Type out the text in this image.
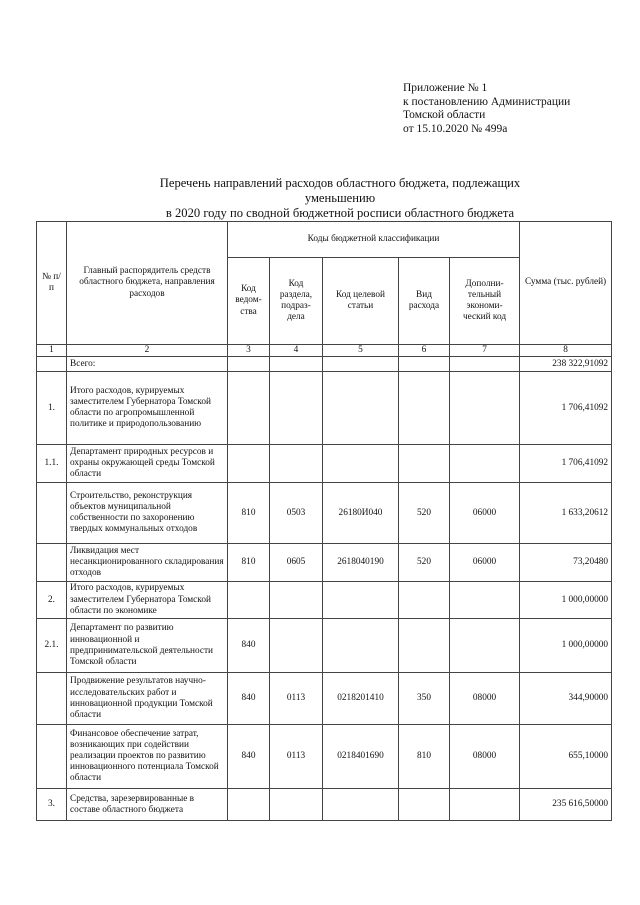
Приложение № 1
к постановлению Администрации
Томской области
от 15.10.2020 № 499а
Перечень направлений расходов областного бюджета, подлежащих уменьшению
в 2020 году по сводной бюджетной росписи областного бюджета
№ п/п	Главный распорядитель средств областного бюджета, направления расходов	Коды бюджетной классификации					Сумма (тыс. рублей)
		Код ведом-ства	Код раздела, подраз-дела	Код целевой статьи	Вид расхода	Дополни-тельный экономи-ческий код	
1	2	3	4	5	6	7	8
	Всего:						238 322,91092
1.	Итого расходов, курируемых заместителем Губернатора Томской области по агропромышленной политике и природопользованию						1 706,41092
1.1.	Департамент природных ресурсов и охраны окружающей среды Томской области						1 706,41092
	Строительство, реконструкция объектов муниципальной собственности по захоронению твердых коммунальных отходов	810	0503	26180И040	520	06000	1 633,20612
	Ликвидация мест несанкционированного складирования отходов	810	0605	2618040190	520	06000	73,20480
2.	Итого расходов, курируемых заместителем Губернатора Томской области по экономике						1 000,00000
2.1.	Департамент по развитию инновационной и предпринимательской деятельности Томской области	840					1 000,00000
	Продвижение результатов научно-исследовательских работ и инновационной продукции Томской области	840	0113	0218201410	350	08000	344,90000
	Финансовое обеспечение затрат, возникающих при содействии реализации проектов по развитию инновационного потенциала Томской области	840	0113	0218401690	810	08000	655,10000
3.	Средства, зарезервированные в составе областного бюджета						235 616,50000
